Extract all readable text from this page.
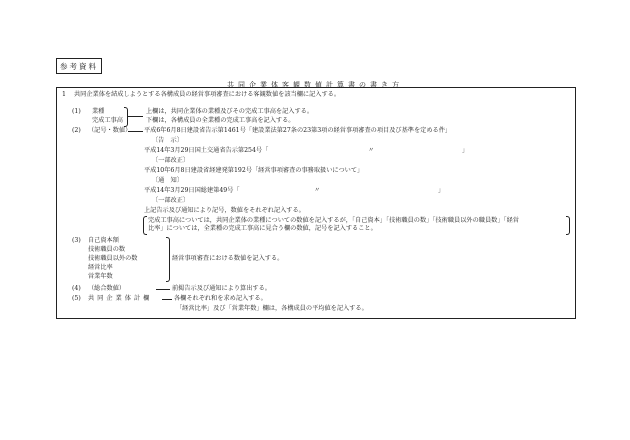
参考資料
共同企業体客観数値計算書の書き方
1 共同企業体を結成しようとする各構成員の経営事項審査における客観数値を該当欄に記入する。
(1) 業種
完成工事高
上欄は，共同企業体の業種及びその完成工事高を記入する。
下欄は，各構成員の全業種の完成工事高を記入する。
(2) （記号・数値） 平成6年6月8日建設省告示第1461号「建設業法第27条の23第3項の経営事項審査の項目及び基準を定める件」
〔告　示〕
平成14年3月29日国土交通省告示第254号「	〃	」
〔一部改正〕
平成10年6月8日建設省経建発第192号「経営事項審査の事務取扱いについて」
〔通　知〕
平成14年3月29日国総建第49号「	〃	」
〔一部改正〕
上記告示及び通知により記号，数値をそれぞれ記入する。
完成工事高については，共同企業体の業種についての数値を記入するが，「自己資本」「技術職員の数」「技術職員以外の職員数」「経営
比率」については，全業種の完成工事高に見合う欄の数値，記号を記入すること。
(3) 自己資本額
技術職員の数
技術職員以外の数
経営比率
営業年数
経営事項審査における数値を記入する。
(4) （総合数値）	前掲告示及び通知により算出する。
(5) 共同企業体計欄	各欄それぞれ和を求め記入する。
「経営比率」及び「営業年数」欄は，各構成員の平均値を記入する。
